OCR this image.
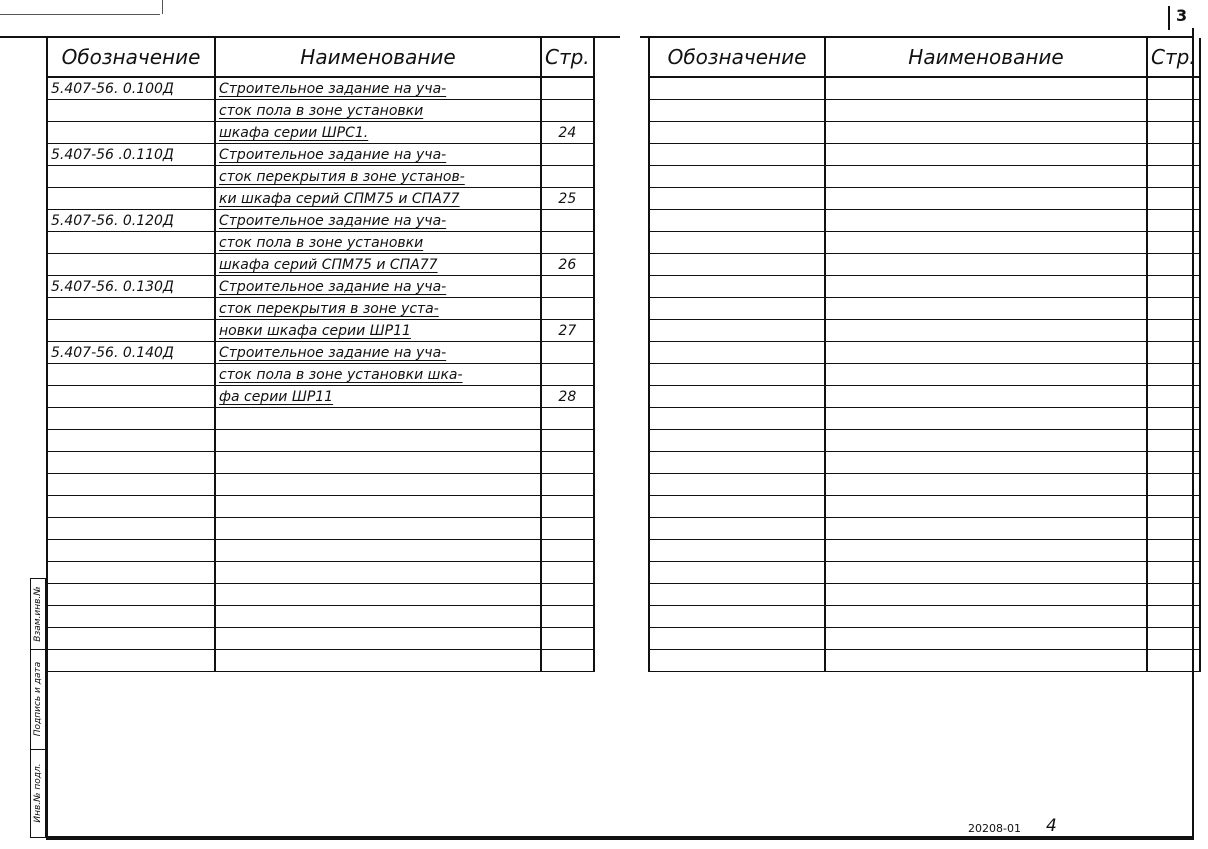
3
Обозначение	Наименование	Стр.
5.407-56. 0.100Д	Строительное задание на уча-	
	сток пола в зоне установки	
	шкафа серии ШРС1.	24
5.407-56 .0.110Д	Строительное задание на уча-	
	сток перекрытия в зоне установ-	
	ки шкафа серий СПМ75 и СПА77	25
5.407-56. 0.120Д	Строительное задание на уча-	
	сток пола в зоне установки	
	шкафа серий СПМ75 и СПА77	26
5.407-56. 0.130Д	Строительное задание на уча-	
	сток перекрытия в зоне уста-	
	новки шкафа серии ШР11	27
5.407-56. 0.140Д	Строительное задание на уча-	
	сток пола в зоне установки шка-	
	фа серии ШР11	28

Обозначение	Наименование	Стр.

Взам.инв.№
Подпись и дата
Инв.№ подл.
20208-01 4
